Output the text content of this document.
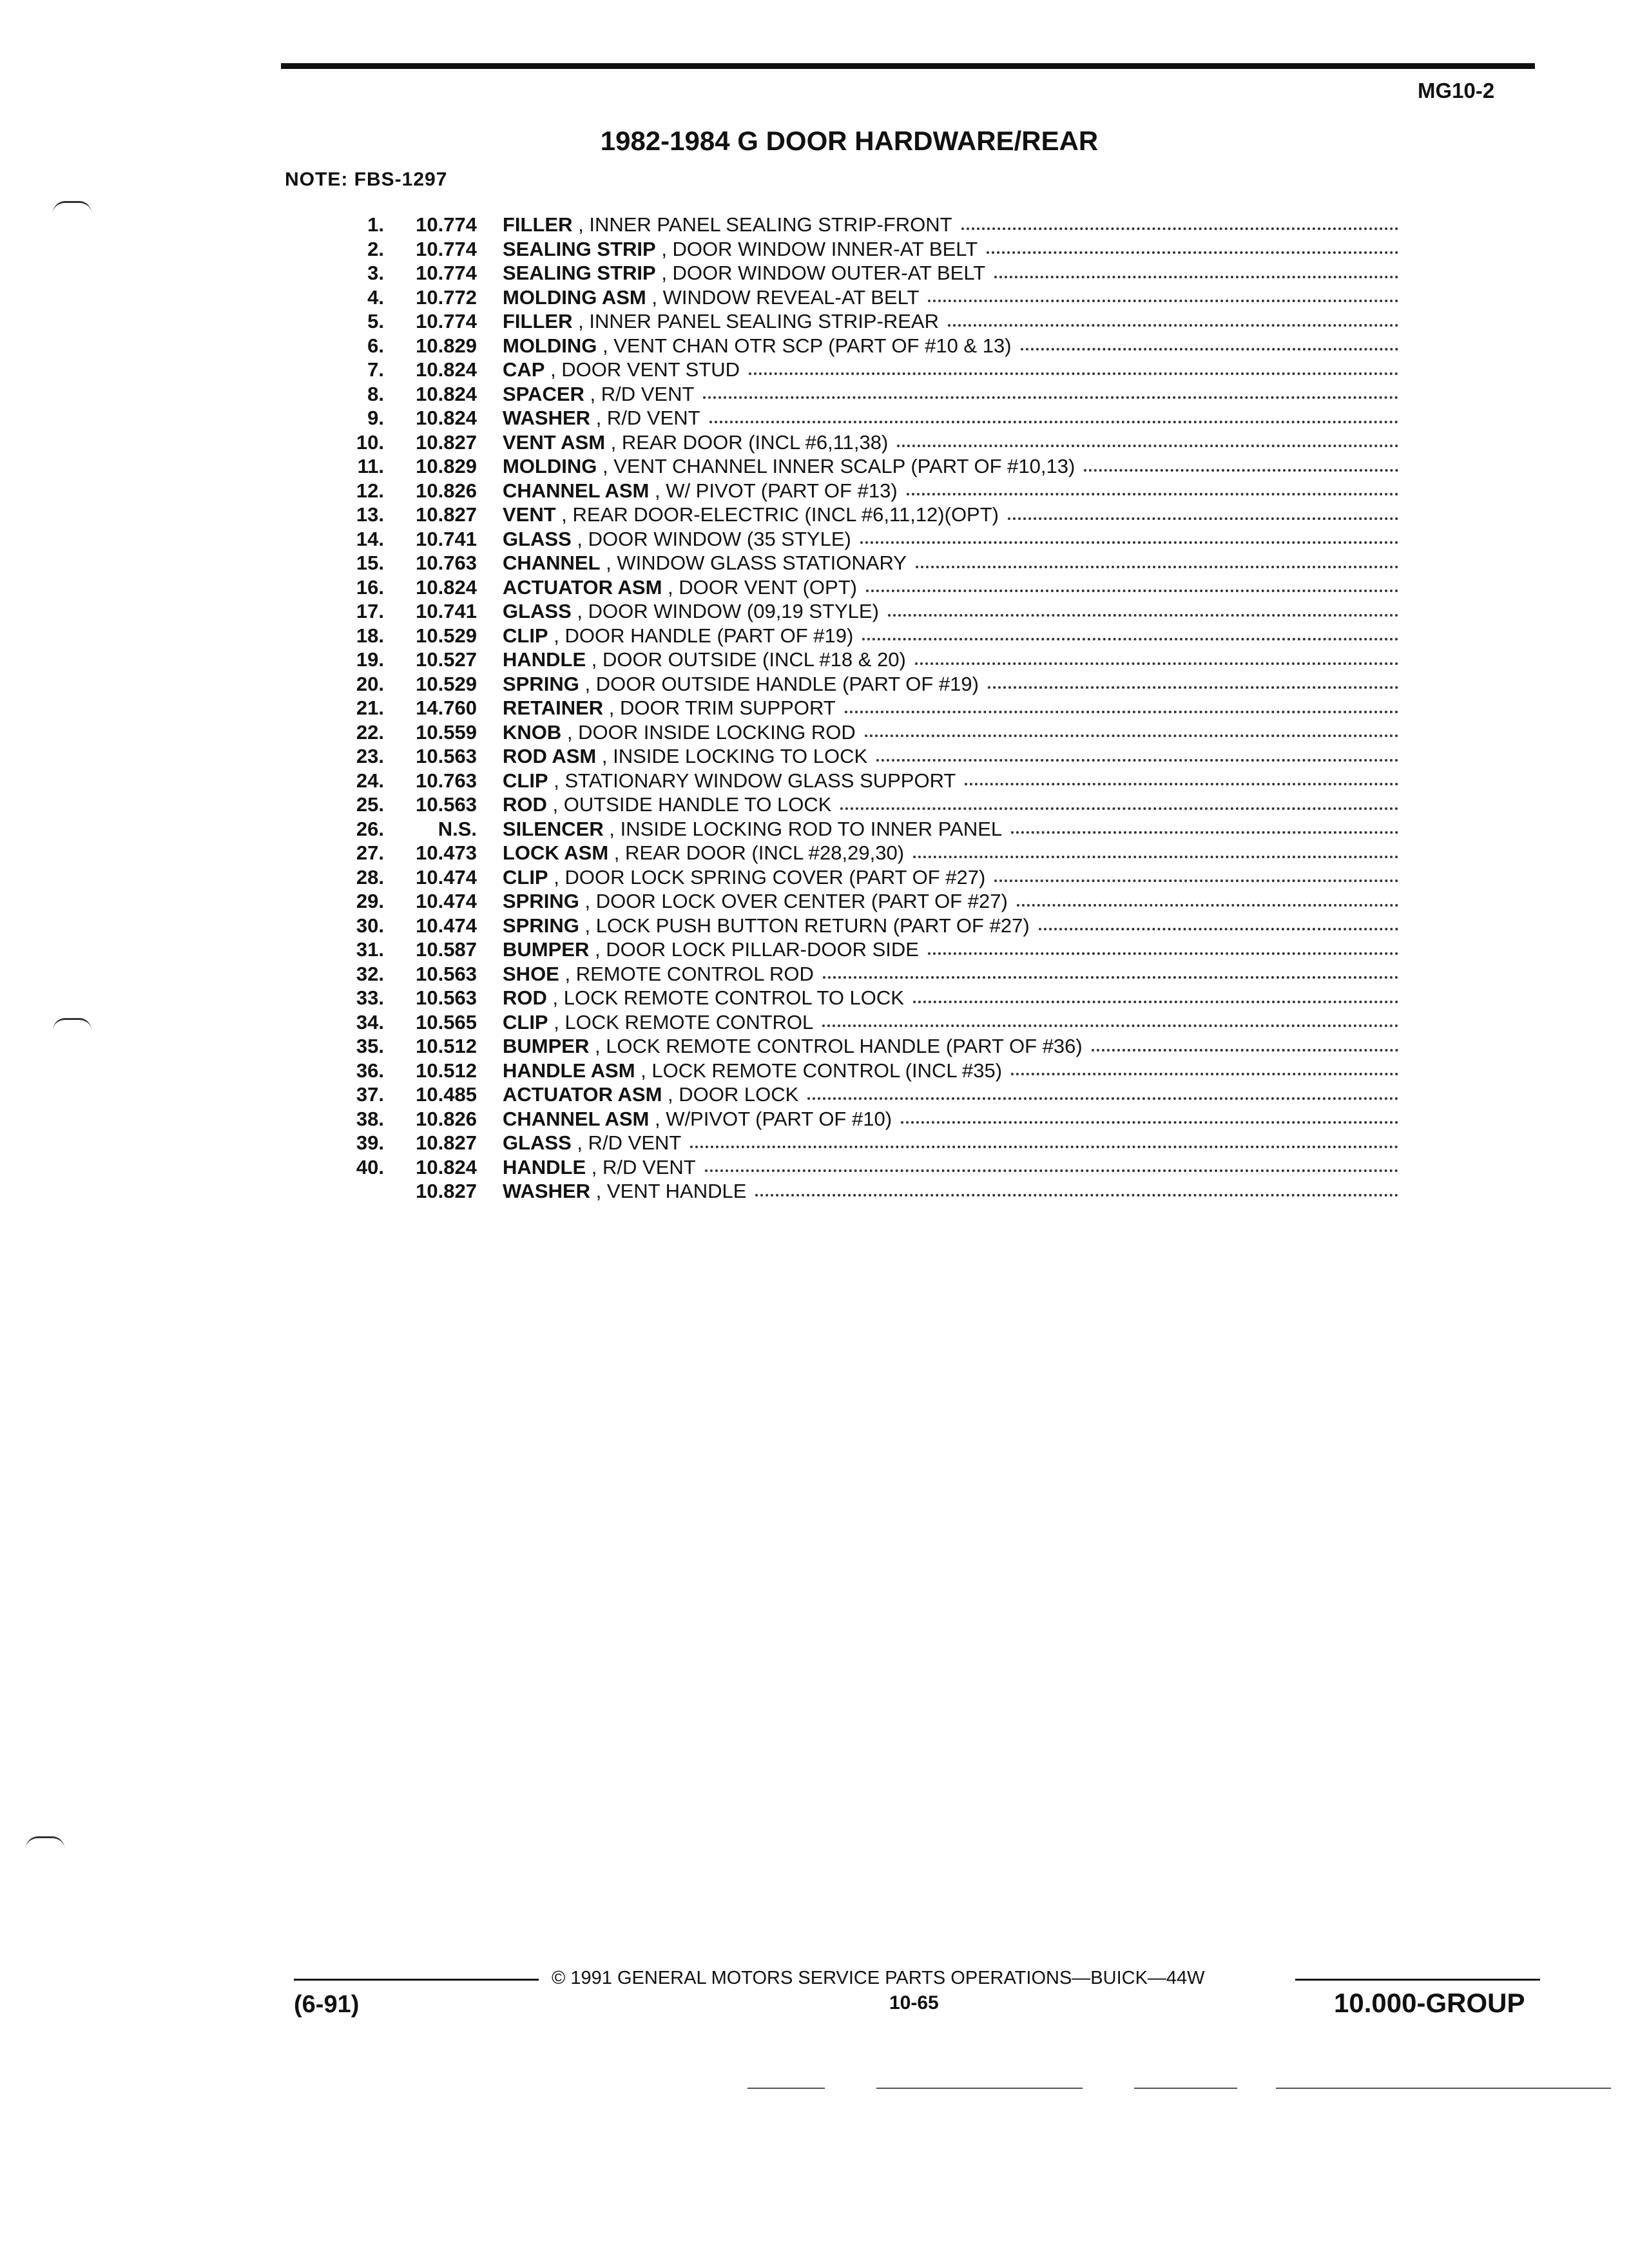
MG10-2
1982-1984 G DOOR HARDWARE/REAR
NOTE: FBS-1297
1.	10.774 FILLER , INNER PANEL SEALING STRIP-FRONT
2.	10.774 SEALING STRIP , DOOR WINDOW INNER-AT BELT
3.	10.774 SEALING STRIP , DOOR WINDOW OUTER-AT BELT
4.	10.772 MOLDING ASM , WINDOW REVEAL-AT BELT
5.	10.774 FILLER , INNER PANEL SEALING STRIP-REAR
6.	10.829 MOLDING , VENT CHAN OTR SCP (PART OF #10 & 13)
7.	10.824 CAP , DOOR VENT STUD
8.	10.824 SPACER , R/D VENT
9.	10.824 WASHER , R/D VENT
10.	10.827 VENT ASM , REAR DOOR (INCL #6,11,38)
11.	10.829 MOLDING , VENT CHANNEL INNER SCALP (PART OF #10,13)
12.	10.826 CHANNEL ASM , W/ PIVOT (PART OF #13)
13.	10.827 VENT , REAR DOOR-ELECTRIC (INCL #6,11,12)(OPT)
14.	10.741 GLASS , DOOR WINDOW (35 STYLE)
15.	10.763 CHANNEL , WINDOW GLASS STATIONARY
16.	10.824 ACTUATOR ASM , DOOR VENT (OPT)
17.	10.741 GLASS , DOOR WINDOW (09,19 STYLE)
18.	10.529 CLIP , DOOR HANDLE (PART OF #19)
19.	10.527 HANDLE , DOOR OUTSIDE (INCL #18 & 20)
20.	10.529 SPRING , DOOR OUTSIDE HANDLE (PART OF #19)
21.	14.760 RETAINER , DOOR TRIM SUPPORT
22.	10.559 KNOB , DOOR INSIDE LOCKING ROD
23.	10.563 ROD ASM , INSIDE LOCKING TO LOCK
24.	10.763 CLIP , STATIONARY WINDOW GLASS SUPPORT
25.	10.563 ROD , OUTSIDE HANDLE TO LOCK
26.	N.S. SILENCER , INSIDE LOCKING ROD TO INNER PANEL
27.	10.473 LOCK ASM , REAR DOOR (INCL #28,29,30)
28.	10.474 CLIP , DOOR LOCK SPRING COVER (PART OF #27)
29.	10.474 SPRING , DOOR LOCK OVER CENTER (PART OF #27)
30.	10.474 SPRING , LOCK PUSH BUTTON RETURN (PART OF #27)
31.	10.587 BUMPER , DOOR LOCK PILLAR-DOOR SIDE
32.	10.563 SHOE , REMOTE CONTROL ROD
33.	10.563 ROD , LOCK REMOTE CONTROL TO LOCK
34.	10.565 CLIP , LOCK REMOTE CONTROL
35.	10.512 BUMPER , LOCK REMOTE CONTROL HANDLE (PART OF #36)
36.	10.512 HANDLE ASM , LOCK REMOTE CONTROL (INCL #35)
37.	10.485 ACTUATOR ASM , DOOR LOCK
38.	10.826 CHANNEL ASM , W/PIVOT (PART OF #10)
39.	10.827 GLASS , R/D VENT
40.	10.824 HANDLE , R/D VENT
10.827 WASHER , VENT HANDLE
© 1991 GENERAL MOTORS SERVICE PARTS OPERATIONS—BUICK—44W
10-65
(6-91)	10.000-GROUP
